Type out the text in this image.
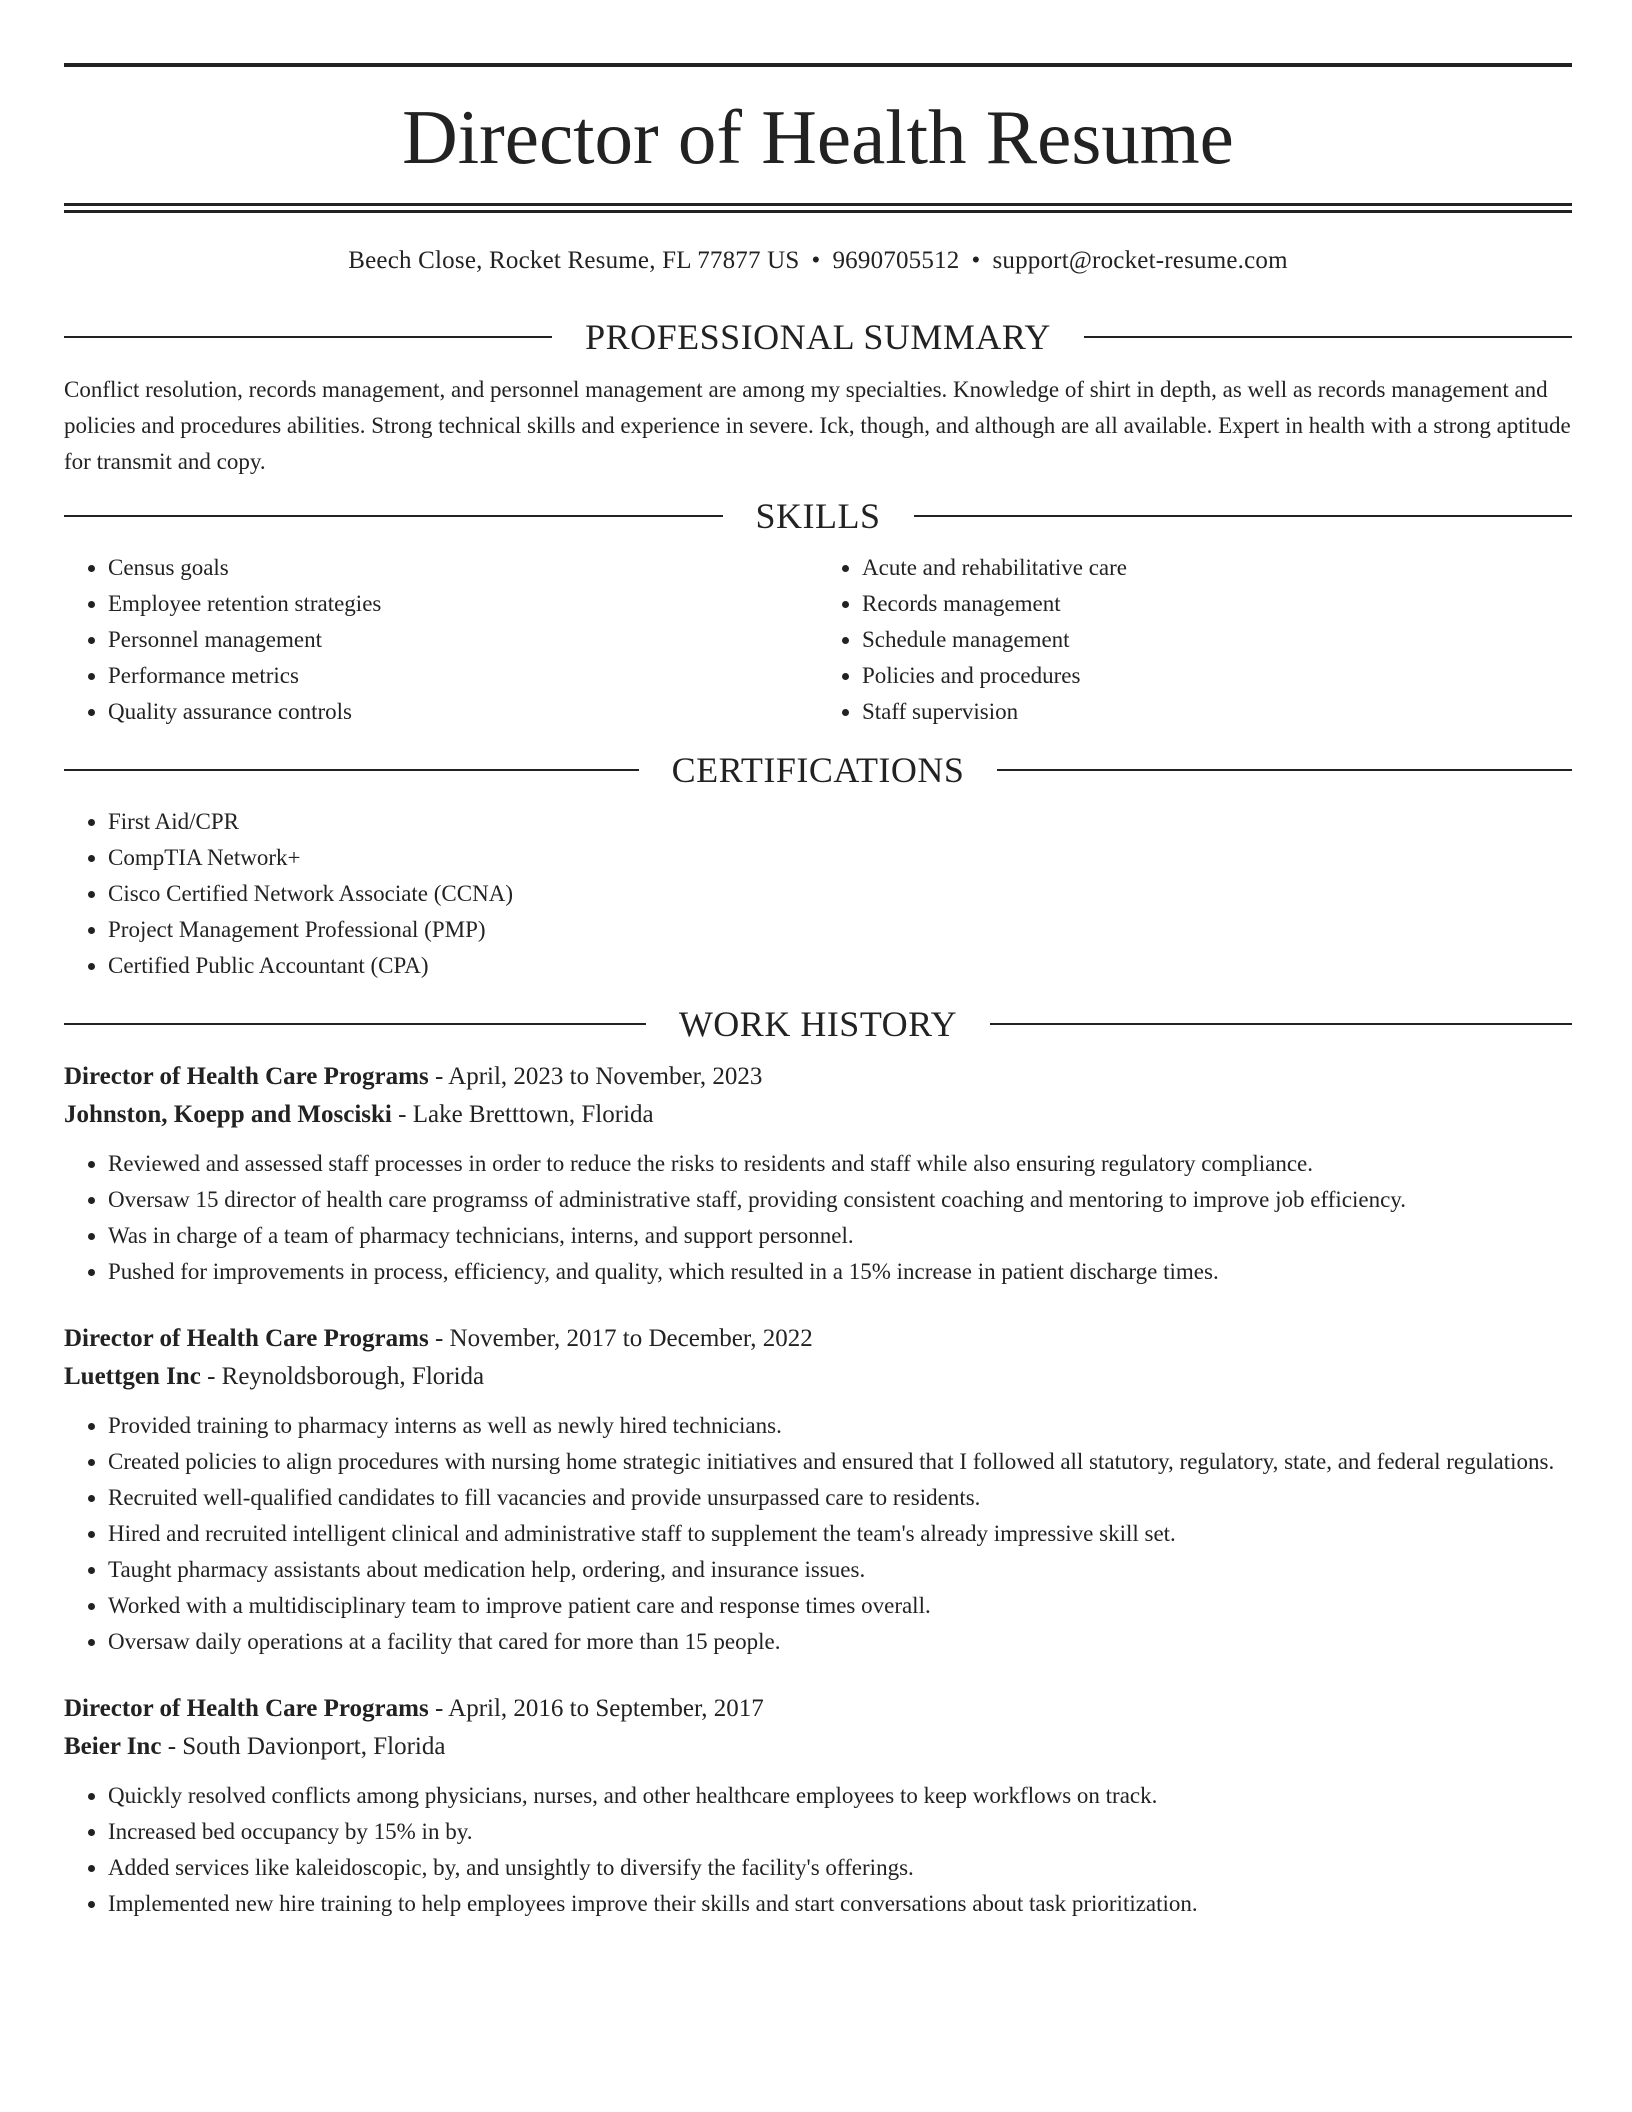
Director of Health Resume
Beech Close, Rocket Resume, FL 77877 US • 9690705512 • support@rocket-resume.com
PROFESSIONAL SUMMARY

Conflict resolution, records management, and personnel management are among my specialties. Knowledge of shirt in depth, as well as records management and policies and procedures abilities. Strong technical skills and experience in severe. Ick, though, and although are all available. Expert in health with a strong aptitude for transmit and copy.

SKILLS
• Census goals
• Employee retention strategies
• Personnel management
• Performance metrics
• Quality assurance controls
• Acute and rehabilitative care
• Records management
• Schedule management
• Policies and procedures
• Staff supervision
CERTIFICATIONS
• First Aid/CPR
• CompTIA Network+
• Cisco Certified Network Associate (CCNA)
• Project Management Professional (PMP)
• Certified Public Accountant (CPA)
WORK HISTORY
Director of Health Care Programs - April, 2023 to November, 2023
Johnston, Koepp and Mosciski - Lake Bretttown, Florida
• Reviewed and assessed staff processes in order to reduce the risks to residents and staff while also ensuring regulatory compliance.
• Oversaw 15 director of health care programss of administrative staff, providing consistent coaching and mentoring to improve job efficiency.
• Was in charge of a team of pharmacy technicians, interns, and support personnel.
• Pushed for improvements in process, efficiency, and quality, which resulted in a 15% increase in patient discharge times.
Director of Health Care Programs - November, 2017 to December, 2022
Luettgen Inc - Reynoldsborough, Florida
• Provided training to pharmacy interns as well as newly hired technicians.
• Created policies to align procedures with nursing home strategic initiatives and ensured that I followed all statutory, regulatory, state, and federal regulations.
• Recruited well-qualified candidates to fill vacancies and provide unsurpassed care to residents.
• Hired and recruited intelligent clinical and administrative staff to supplement the team's already impressive skill set.
• Taught pharmacy assistants about medication help, ordering, and insurance issues.
• Worked with a multidisciplinary team to improve patient care and response times overall.
• Oversaw daily operations at a facility that cared for more than 15 people.
Director of Health Care Programs - April, 2016 to September, 2017
Beier Inc - South Davionport, Florida
• Quickly resolved conflicts among physicians, nurses, and other healthcare employees to keep workflows on track.
• Increased bed occupancy by 15% in by.
• Added services like kaleidoscopic, by, and unsightly to diversify the facility's offerings.
• Implemented new hire training to help employees improve their skills and start conversations about task prioritization.
